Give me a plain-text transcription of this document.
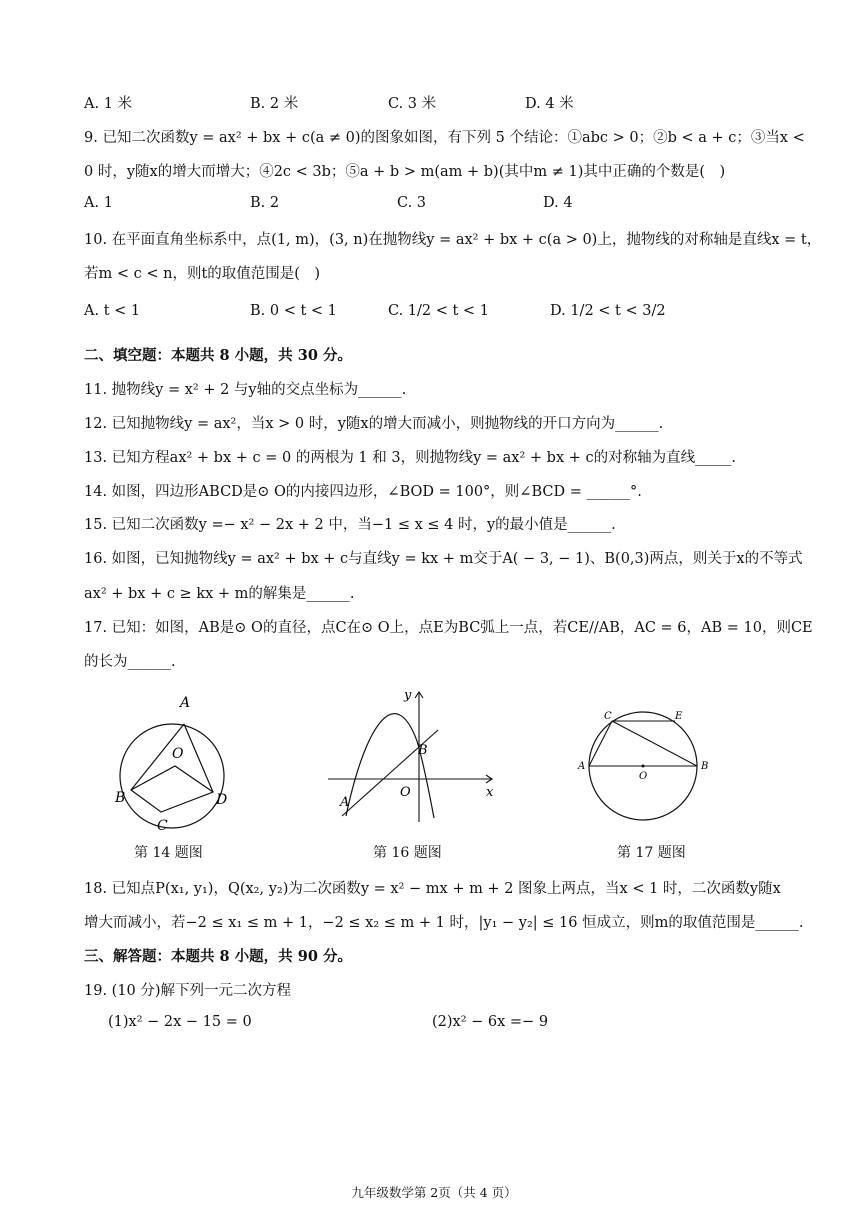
A. 1 米	B. 2 米	C. 3 米	D. 4 米
9. 已知二次函数y = ax² + bx + c(a ≠ 0)的图象如图，有下列 5 个结论：①abc > 0；②b < a + c；③当x <
0 时，y随x的增大而增大；④2c < 3b；⑤a + b > m(am + b)(其中m ≠ 1)其中正确的个数是(　)
A. 1	B. 2	C. 3	D. 4
10. 在平面直角坐标系中，点(1, m)，(3, n)在抛物线y = ax² + bx + c(a > 0)上，抛物线的对称轴是直线x = t，
若m < c < n，则t的取值范围是(　)
A. t < 1	B. 0 < t < 1	C. 1/2 < t < 1	D. 1/2 < t < 3/2
二、填空题：本题共 8 小题，共 30 分。
11. 抛物线y = x² + 2 与y轴的交点坐标为______.
12. 已知抛物线y = ax²，当x > 0 时，y随x的增大而减小，则抛物线的开口方向为______.
13. 已知方程ax² + bx + c = 0 的两根为 1 和 3，则抛物线y = ax² + bx + c的对称轴为直线_____.
14. 如图，四边形ABCD是⊙ O的内接四边形，∠BOD = 100°，则∠BCD = ______°.
15. 已知二次函数y =− x² − 2x + 2 中，当−1 ≤ x ≤ 4 时，y的最小值是______.
16. 如图，已知抛物线y = ax² + bx + c与直线y = kx + m交于A( − 3, − 1)、B(0,3)两点，则关于x的不等式
ax² + bx + c ≥ kx + m的解集是______.
17. 已知：如图，AB是⊙ O的直径，点C在⊙ O上，点E为BC弧上一点，若CE//AB，AC = 6，AB = 10，则CE
的长为______.
A
O
B
C
D
第 14 题图
y
B
O
A
x
第 16 题图
C	E
A
O
B
第 17 题图
18. 已知点P(x₁, y₁)，Q(x₂, y₂)为二次函数y = x² − mx + m + 2 图象上两点，当x < 1 时，二次函数y随x
增大而减小，若−2 ≤ x₁ ≤ m + 1，−2 ≤ x₂ ≤ m + 1 时，|y₁ − y₂| ≤ 16 恒成立，则m的取值范围是______.
三、解答题：本题共 8 小题，共 90 分。
19. (10 分)解下列一元二次方程
(1)x² − 2x − 15 = 0	(2)x² − 6x =− 9
九年级数学第 2页（共 4 页）
